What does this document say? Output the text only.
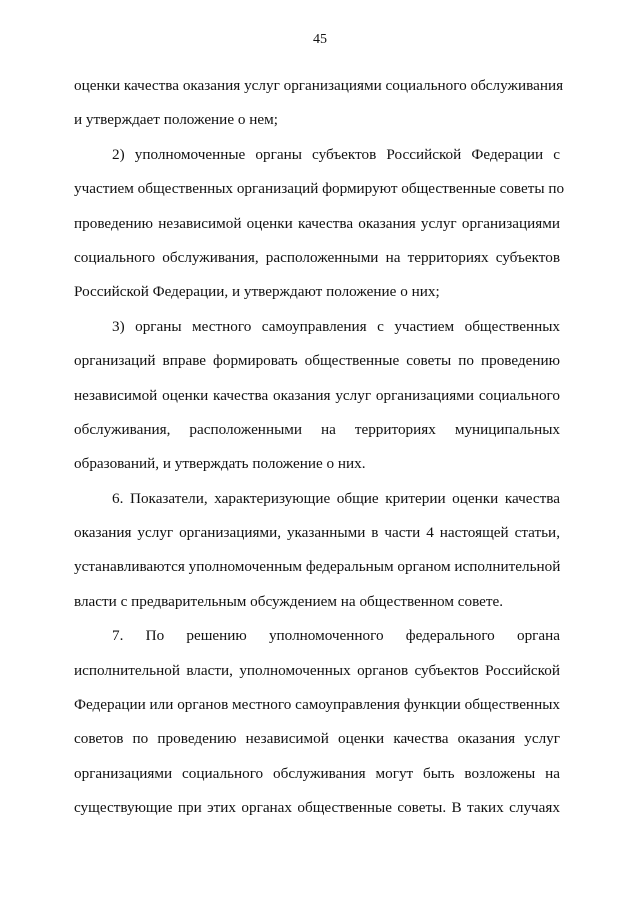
45
оценки качества оказания услуг организациями социального обслуживания
и утверждает положение о нем;
2) уполномоченные органы субъектов Российской Федерации с
участием общественных организаций формируют общественные советы по
проведению независимой оценки качества оказания услуг организациями
социального обслуживания, расположенными на территориях субъектов
Российской Федерации, и утверждают положение о них;
3) органы местного самоуправления с участием общественных
организаций вправе формировать общественные советы по проведению
независимой оценки качества оказания услуг организациями социального
обслуживания, расположенными на территориях муниципальных
образований, и утверждать положение о них.
6. Показатели, характеризующие общие критерии оценки качества
оказания услуг организациями, указанными в части 4 настоящей статьи,
устанавливаются уполномоченным федеральным органом исполнительной
власти с предварительным обсуждением на общественном совете.
7. По решению уполномоченного федерального органа
исполнительной власти, уполномоченных органов субъектов Российской
Федерации или органов местного самоуправления функции общественных
советов по проведению независимой оценки качества оказания услуг
организациями социального обслуживания могут быть возложены на
существующие при этих органах общественные советы. В таких случаях
